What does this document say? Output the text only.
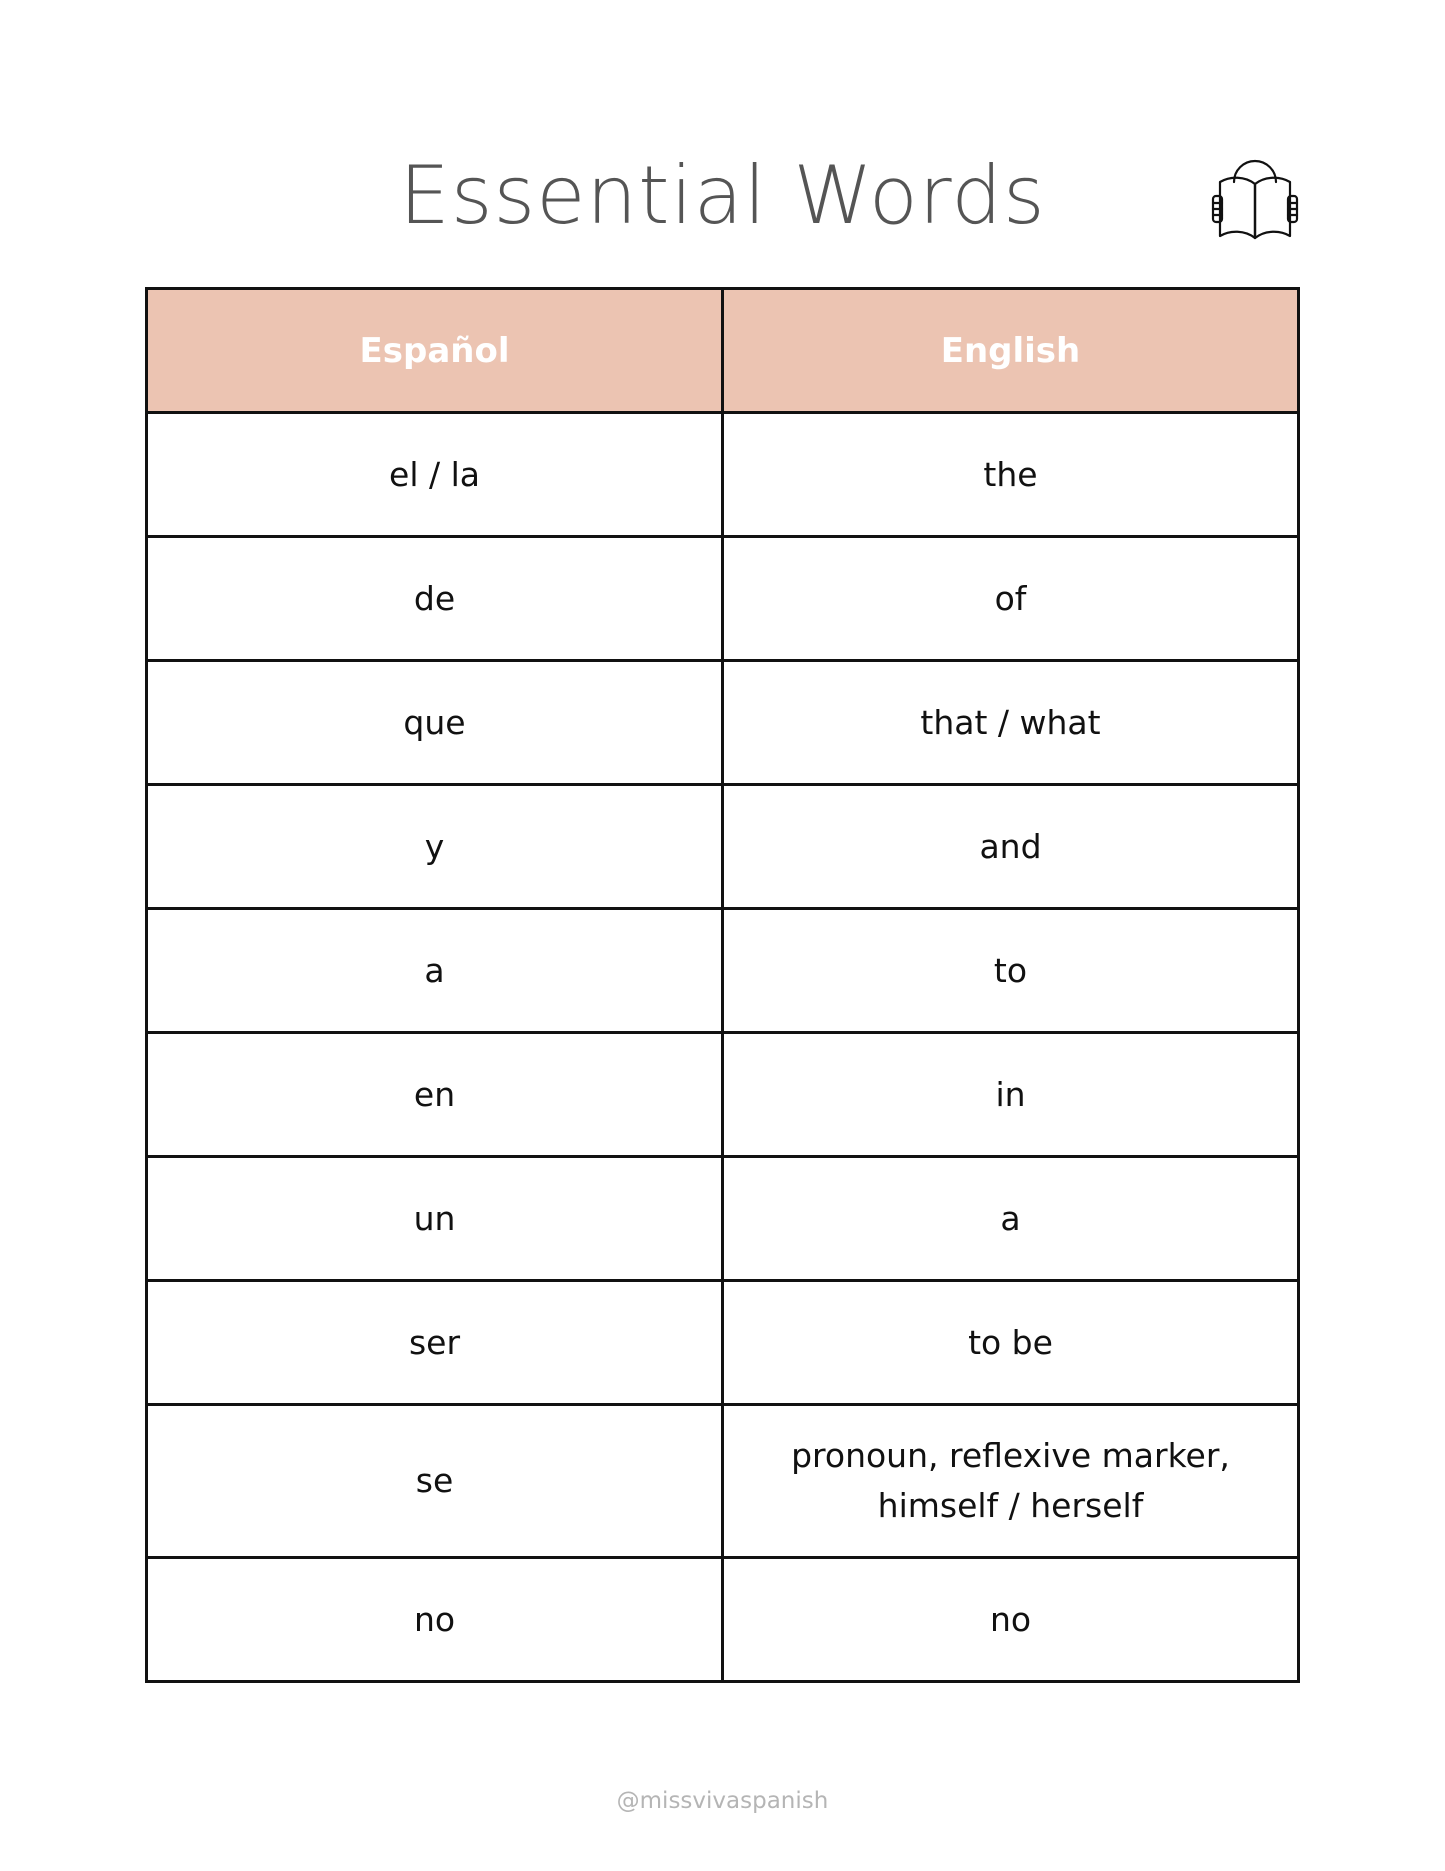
Essential Words
Español	English
el / la	the
de	of
que	that / what
y	and
a	to
en	in
un	a
ser	to be
se	pronoun, reflexive marker, himself / herself
no	no
@missvivaspanish
